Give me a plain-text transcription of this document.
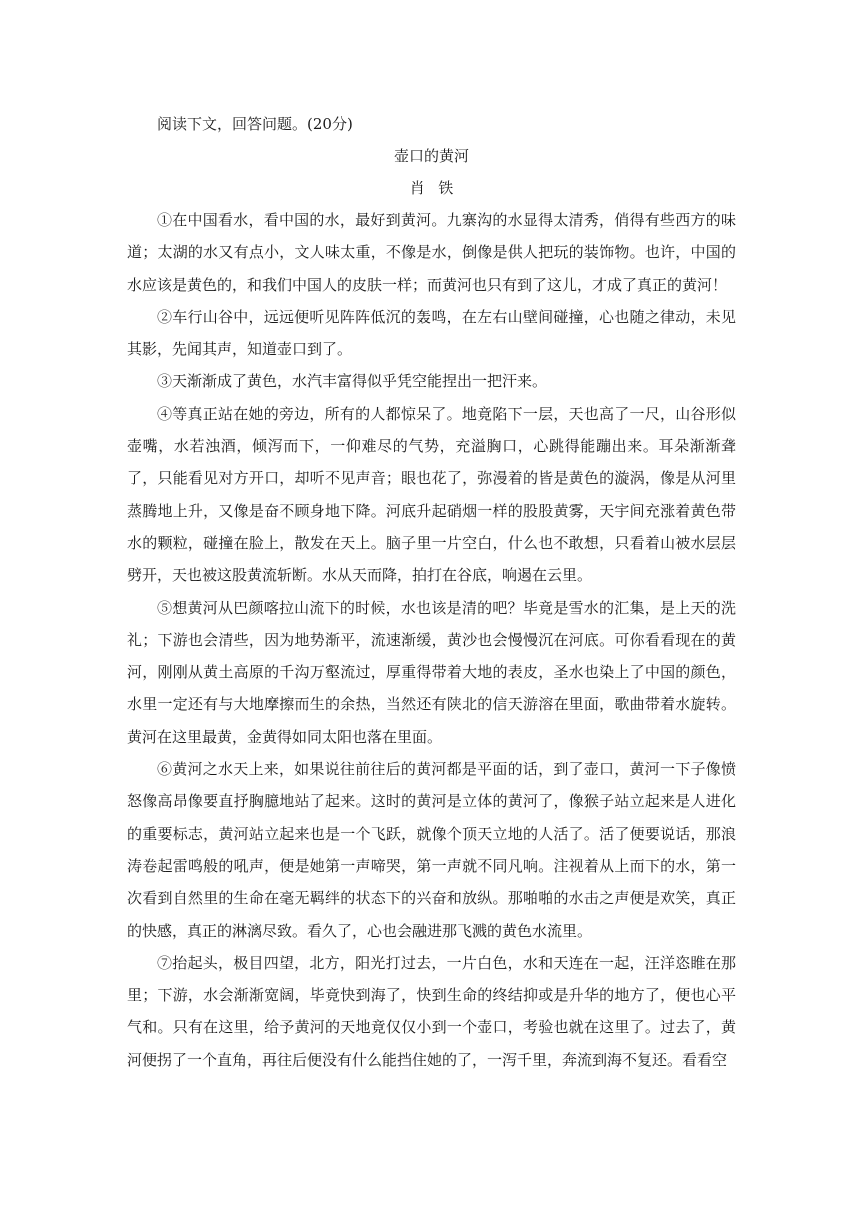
阅读下文，回答问题。(20分)

壶口的黄河

肖铁

①在中国看水，看中国的水，最好到黄河。九寨沟的水显得太清秀，俏得有些西方的味道；太湖的水又有点小，文人味太重，不像是水，倒像是供人把玩的装饰物。也许，中国的水应该是黄色的，和我们中国人的皮肤一样；而黄河也只有到了这儿，才成了真正的黄河！

②车行山谷中，远远便听见阵阵低沉的轰鸣，在左右山壁间碰撞，心也随之律动，未见其影，先闻其声，知道壶口到了。

③天渐渐成了黄色，水汽丰富得似乎凭空能捏出一把汗来。

④等真正站在她的旁边，所有的人都惊呆了。地竟陷下一层，天也高了一尺，山谷形似壶嘴，水若浊酒，倾泻而下，一仰难尽的气势，充溢胸口，心跳得能蹦出来。耳朵渐渐聋了，只能看见对方开口，却听不见声音；眼也花了，弥漫着的皆是黄色的漩涡，像是从河里蒸腾地上升，又像是奋不顾身地下降。河底升起硝烟一样的股股黄雾，天宇间充涨着黄色带水的颗粒，碰撞在脸上，散发在天上。脑子里一片空白，什么也不敢想，只看着山被水层层劈开，天也被这股黄流斩断。水从天而降，拍打在谷底，响遏在云里。

⑤想黄河从巴颜喀拉山流下的时候，水也该是清的吧？毕竟是雪水的汇集，是上天的洗礼；下游也会清些，因为地势渐平，流速渐缓，黄沙也会慢慢沉在河底。可你看看现在的黄河，刚刚从黄土高原的千沟万壑流过，厚重得带着大地的表皮，圣水也染上了中国的颜色，水里一定还有与大地摩擦而生的余热，当然还有陕北的信天游溶在里面，歌曲带着水旋转。黄河在这里最黄，金黄得如同太阳也落在里面。

⑥黄河之水天上来，如果说往前往后的黄河都是平面的话，到了壶口，黄河一下子像愤怒像高昂像要直抒胸臆地站了起来。这时的黄河是立体的黄河了，像猴子站立起来是人进化的重要标志，黄河站立起来也是一个飞跃，就像个顶天立地的人活了。活了便要说话，那浪涛卷起雷鸣般的吼声，便是她第一声啼哭，第一声就不同凡响。注视着从上而下的水，第一次看到自然里的生命在毫无羁绊的状态下的兴奋和放纵。那啪啪的水击之声便是欢笑，真正的快感，真正的淋漓尽致。看久了，心也会融进那飞溅的黄色水流里。

⑦抬起头，极目四望，北方，阳光打过去，一片白色，水和天连在一起，汪洋恣睢在那里；下游，水会渐渐宽阔，毕竟快到海了，快到生命的终结抑或是升华的地方了，便也心平气和。只有在这里，给予黄河的天地竟仅仅小到一个壶口，考验也就在这里了。过去了，黄河便拐了一个直角，再往后便没有什么能挡住她的了，一泻千里，奔流到海不复还。看看空
